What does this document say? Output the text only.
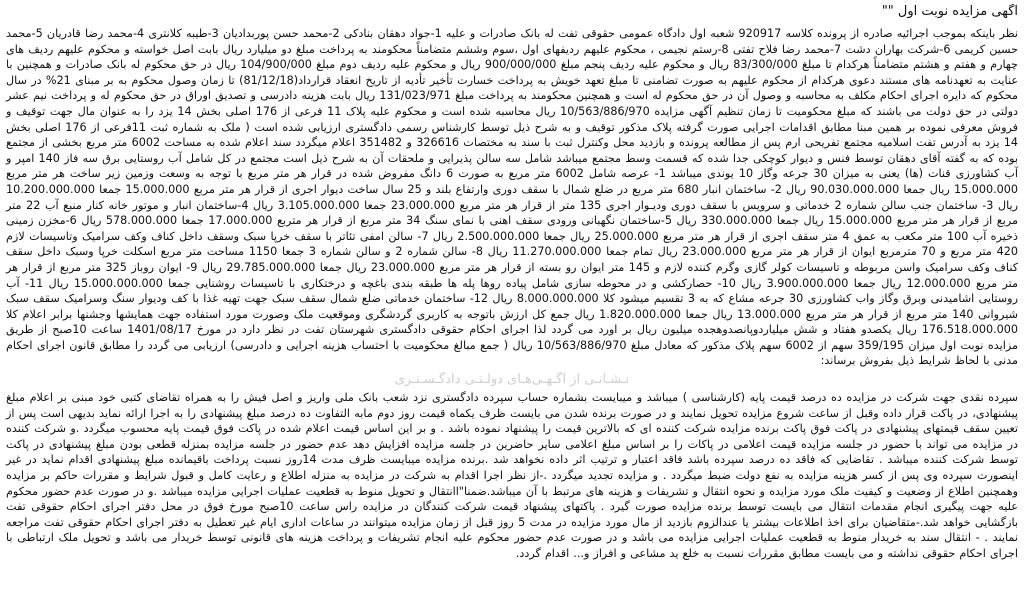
آگهی مزایده نوبت اول ""

نظر باینکه بموجب اجرائیه صادره از پرونده کلاسه 920917 شعبه اول دادگاه عمومی حقوقی تفت له بانک صادرات و علیه 1-جواد دهقان بنادکی 2-محمد حسن پوربدادیان 3-طیبه کلانتری 4-محمد رضا قادریان 5-محمد حسین کریمی 6-شرکت بهاران دشت 7-محمد رضا فلاح تفتی 8-رستم نجیمی ، محکوم علیهم ردیفهای اول ،سوم وششم متضامناً محکومند به پرداخت مبلغ دو میلیارد ریال بابت اصل خواسته و محکوم علیهم ردیف های چهارم و هفتم و هشتم متضامناً هرکدام تا مبلغ 83/300/000 ریال و محکوم علیه ردیف پنجم مبلغ 900/000/000 ریال و محکوم علیه ردیف دوم مبلغ 104/900/000 ریال در حق محکوم له بانک صادرات و همچنین با عنایت به تعهدنامه های مستند دعوی هرکدام از محکوم علیهم به صورت تضامنی تا مبلغ تعهد خویش به پرداخت خسارت تأخیر تأدیه از تاریخ انعقاد قرارداد(81/12/18) تا زمان وصول محکوم به بر مبنای 21% در سال محکوم که دایره اجرای احکام مکلف به محاسبه و وصول آن در حق محکوم له است و همچنین محکومند به پرداخت مبلغ 131/023/971 ریال بابت هزینه دادرسی و تصدیق اوراق در حق محکوم له و پرداخت نیم عشر دولتی در حق دولت می باشند که مبلغ محکومیت تا زمان تنظیم آگهی مزایده 10/563/886/970 ریال محاسبه شده است و محکوم علیه پلاک 11 فرعی از 176 اصلی بخش 14 یزد را به عنوان مال جهت توقیف و فروش معرفی نموده بر همین مبنا مطابق اقدامات اجرایی صورت گرفته پلاک مذکور توقیف و به شرح ذیل توسط کارشناس رسمی دادگستری ارزیابی شده است ( ملک به شماره ثبت 11فرعی از 176 اصلی بخش 14 یزد به آدرس تفت اسلامیه مجتمع تفریحی ارم پس از مطالعه پرونده و بازدید محل وکنترل ثبت با سند به مختصات 326616 و 351482 اعلام میگردد سند اعلام شده به مساحت 6002 متر مربع بخشی از مجتمع بوده که به گفته آقای دهقان توسط فنس و دیوار کوچکی جدا شده که قسمت وسط مجتمع میباشد شامل سه سالن پذیرایی و ملحقات آن به شرح ذیل است مجتمع در کل شامل آب روستایی برق سه فاز 140 امپر و آب کشاورزی قنات (ها) یعنی به میزان 30 جرعه وگاز 10 یوندی میباشد 1- عرصه شامل 6002 متر مربع به صورت 6 دانگ مفروض شده در قرار هر متر مربع با توجه به وسعت وزمین زیر ساخت هر متر مربع 15.000.000 ریال جمعا 90.030.000.000 ریال 2- ساختمان انبار 680 متر مربع در ضلع شمال با سقف دوری وارتفاع بلند و 25 سال ساخت دیوار اجری از قرار هر متر مربع 15.000.000 جمعا 10.200.000.000 ریال 3- ساختمان جنب سالن شماره 2 خدماتی و سرویس با سقف دوری ودیـوار اجری 135 متر از قرار هر متر مربع 23.000.000 جمعا 3.105.000.000 ریال 4-ساختمان انبار و موتور خانه کنار منبع آب 22 متر مربع از قرار هر متر مربع 15.000.000 ریال جمعا 330.000.000 ریال 5-ساختمان نگهبانی ورودی سقف اهنی با نمای سنگ 34 متر مربع از قرار هر متربع 17.000.000 جمعا 578.000.000 ریال 6-مخزن زمینی ذخیره آب 100 متر مکعب به عمق 4 متر سقف اجری از قرار هر متر مربع 25.000.000 ریال جمعا 2.500.000.000 ریال 7- سالن امفی تئاتر با سقف خرپا سبک وسقف داخل کناف وکف سرامیک وتاسیسات لازم 420 متر مربع و 70 مترمربع ایوان از قرار هر متر مربع 23.000.000 ریال تمام جمعا 11.270.000.000 ریال 8- سالن شماره 2 و سالن شماره 3 جمعا 1150 مساحت متر مربع اسکلت خرپا وسبک داخل سقف کناف وکف سرامیک واسن مربوطه و تاسیسات کولر گازی وگرم کننده لازم و 145 متر ایوان رو بسته از قرار هر متر مربع 23.000.000 ریال جمعا 29.785.000.000 ریال 9- ایوان روباز 325 متر مربع از قرار هر متر مربع 12.000.000 ریال جمعا 3.900.000.000 ریال 10- حصارکشی و در محوطه سازی شامل پیاده روها پله ها طبقه بندی باغچه و درختکاری با تاسیسات روشنایی جمعا 15.000.000.000 ریال 11- آب روستایی اشامیدنی وبرق وگاز واب کشاورزی 30 جرعه مشاع که به 3 تقسیم میشود کلا 8.000.000.000 ریال 12- ساختمان خدماتی ضلع شمال سقف سبک جهت تهیه غذا با کف ودیوار سنگ وسرامیک سقف سبک شیروانی 140 متر مربع از قرار هر متر مربع 13.000.000 ریال جمعا 1.820.000.000 ریال جمع کل ارزش باتوجه به کاربری گردشگری وموقعیت ملک وصورت مورد استفاده جهت همایشها وجشنها برابر اعلام کلا 176.518.000.000 ریال یکصدو هفتاد و شش میلیاردوپانصدوهجده میلیون ریال بر اورد می گردد لذا اجرای احکام حقوقی دادگستری شهرستان تفت در نظر دارد در مورخ 1401/08/17 ساعت 10صبح از طریق مزایده نوبت اول میزان 359/195 سهم از 6002 سهم پلاک مذکور که معادل مبلغ 10/563/886/970 ریال ( جمع مبالغ محکومیت با احتساب هزینه اجرایی و دادرسی) ارزیابی می گردد را مطابق قانون اجرای احکام مدنی با لحاظ شرایط ذیل بفروش برساند:

نـشـانـی از آگـهـی‌هـای دولـتـی دادگـسـتـری

سپرده نقدی جهت شرکت در مزایده ده درصد قیمت پایه (کارشناسی ) میباشد و میبایست بشماره حساب سپرده دادگستری نزد شعب بانک ملی واریز و اصل فیش را به همراه تقاضای کتبی خود مبنی بر اعلام مبلغ پیشنهادی، در پاکت قرار داده وقبل از ساعت شروع مزایده تحویل نمایند و در صورت برنده شدن می بایست ظرف یکماه قیمت روز دوم مابه التفاوت ده درصد مبلغ پیشنهادی را به اجرا ارائه نماید بدیهی است پس از تعیین سقف قیمتهای پیشنهادی در پاکت فوق پاکت برنده مزایده شرکت کننده ای که بالاترین قیمت را پیشنهاد نموده باشد . و بر این اساس قیمت اعلام شده در پاکت فوق قیمت پایه محسوب میگردد .و شرکت کننده در مزایده می تواند با حضور در جلسه مزایده قیمت اعلامی در پاکات را بر اساس مبلغ اعلامی سایر حاضرین در جلسه مزایده افزایش دهد عدم حضور در جلسه مزایده بمنزله قطعی بودن مبلغ پیشنهادی در پاکت توسط شرکت کننده میباشد . تقاضایی که فاقد ده درصد سپرده باشد فاقد اعتبار و ترتیب اثر داده نخواهد شد .برنده مزایده میبایست ظرف مدت 14روز نسبت پرداخت باقیمانده مبلغ پیشنهادی اقدام نماید در غیر اینصورت سپرده وی پس از کسر هزینه مزایده به نفع دولت ضبط میگردد . و مزایده تجدید میگردد .-از نظر اجرا اقدام به شرکت در مزایده به منزله اطلاع و رعایت کامل و قبول شرایط و مقررات حاکم بر مزایده وهمچنین اطلاع از وضعیت و کیفیت ملک مورد مزایده و نحوه انتقال و تشریفات و هزینه های مرتبط با آن میباشد.ضمنا"اانتقال و تحویل منوط به قطعیت عملیات اجرایی مزایده میباشد .و در صورت عدم حضور محکوم علیه جهت پیگیری انجام مقدمات انتقال می بایست توسط برنده مزایده صورت گیرد . پاکتهای پیشنهاد قیمت شرکت کنندگان در مزایده راس ساعت 10صبح مورخ فوق در محل دفتر اجرای احکام حقوقی تفت بازگشایی خواهد شد.-متقاضیان برای اخذ اطلاعات بیشتر یا عندالزوم بازدید از مال مورد مزایده در مدت 5 روز قبل از زمان مزایده میتوانند در ساعات اداری ایام غیر تعطیل به دفتر اجرای احکام حقوقی تفت مراجعه نمایند . - انتقال سند به خریدار منوط به قطعیت عملیات اجرایی مزایده می باشد و در صورت عدم حضور محکوم علیه انجام تشریفات و پرداخت هزینه های قانونی توسط خریدار می باشد و تحویل ملک ارتباطی با اجرای احکام حقوقی نداشته و می بایست مطابق مقررات نسبت به خلع ید مشاعی و افراز و... اقدام گردد.
